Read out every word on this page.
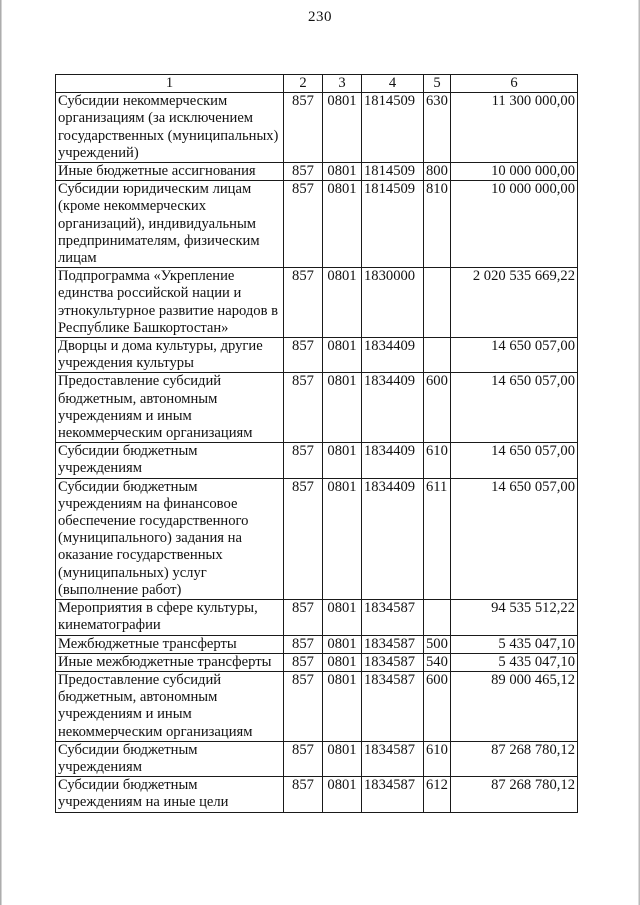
230
1	2	3	4	5	6
Субсидии некоммерческим организациям (за исключением государственных (муниципальных) учреждений)	857	0801	1814509	630	11 300 000,00
Иные бюджетные ассигнования	857	0801	1814509	800	10 000 000,00
Субсидии юридическим лицам (кроме некоммерческих организаций), индивидуальным предпринимателям, физическим лицам	857	0801	1814509	810	10 000 000,00
Подпрограмма «Укрепление единства российской нации и этнокультурное развитие народов в Республике Башкортостан»	857	0801	1830000		2 020 535 669,22
Дворцы и дома культуры, другие учреждения культуры	857	0801	1834409		14 650 057,00
Предоставление субсидий бюджетным, автономным учреждениям и иным некоммерческим организациям	857	0801	1834409	600	14 650 057,00
Субсидии бюджетным учреждениям	857	0801	1834409	610	14 650 057,00
Субсидии бюджетным учреждениям на финансовое обеспечение государственного (муниципального) задания на оказание государственных (муниципальных) услуг (выполнение работ)	857	0801	1834409	611	14 650 057,00
Мероприятия в сфере культуры, кинематографии	857	0801	1834587		94 535 512,22
Межбюджетные трансферты	857	0801	1834587	500	5 435 047,10
Иные межбюджетные трансферты	857	0801	1834587	540	5 435 047,10
Предоставление субсидий бюджетным, автономным учреждениям и иным некоммерческим организациям	857	0801	1834587	600	89 000 465,12
Субсидии бюджетным учреждениям	857	0801	1834587	610	87 268 780,12
Субсидии бюджетным учреждениям на иные цели	857	0801	1834587	612	87 268 780,12
